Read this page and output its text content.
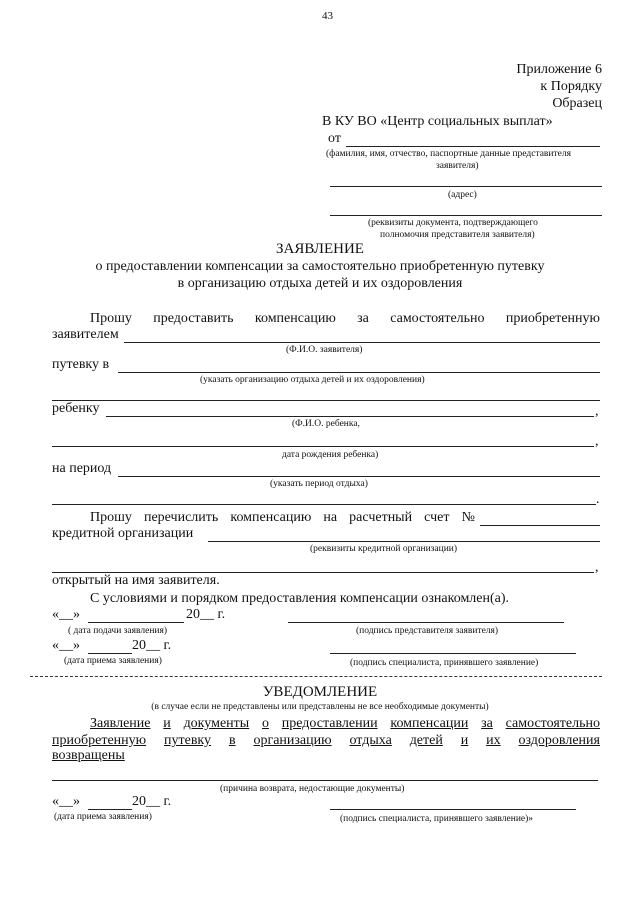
43
Приложение 6
к Порядку
Образец
В КУ ВО «Центр социальных выплат»
от
(фамилия, имя, отчество, паспортные данные представителя
заявителя)
(адрес)
(реквизиты документа, подтверждающего
полномочия представителя заявителя)
ЗАЯВЛЕНИЕ
о предоставлении компенсации за самостоятельно приобретенную путевку
в организацию отдыха детей и их оздоровления
Прошу предоставить компенсацию за самостоятельно приобретенную
заявителем
(Ф.И.О. заявителя)
путевку в
(указать организацию отдыха детей и их оздоровления)
ребенку	,
(Ф.И.О. ребенка,
,
дата рождения ребенка)
на период
(указать период отдыха)
.
Прошу перечислить компенсацию на расчетный счет №
кредитной организации
(реквизиты кредитной организации)
,
открытый на имя заявителя.
С условиями и порядком предоставления компенсации ознакомлен(а).
«__»	20__ г.
( дата подачи заявления)	(подпись представителя заявителя)
«__»	20__ г.
(дата приема заявления)	(подпись специалиста, принявшего заявление)
УВЕДОМЛЕНИЕ
(в случае если не представлены или представлены не все необходимые документы)
Заявление и документы о предоставлении компенсации за самостоятельно
приобретенную путевку в организацию отдыха детей и их оздоровления
возвращены
(причина возврата, недостающие документы)
«__»	20__ г.
(дата приема заявления)	(подпись специалиста, принявшего заявление)»
